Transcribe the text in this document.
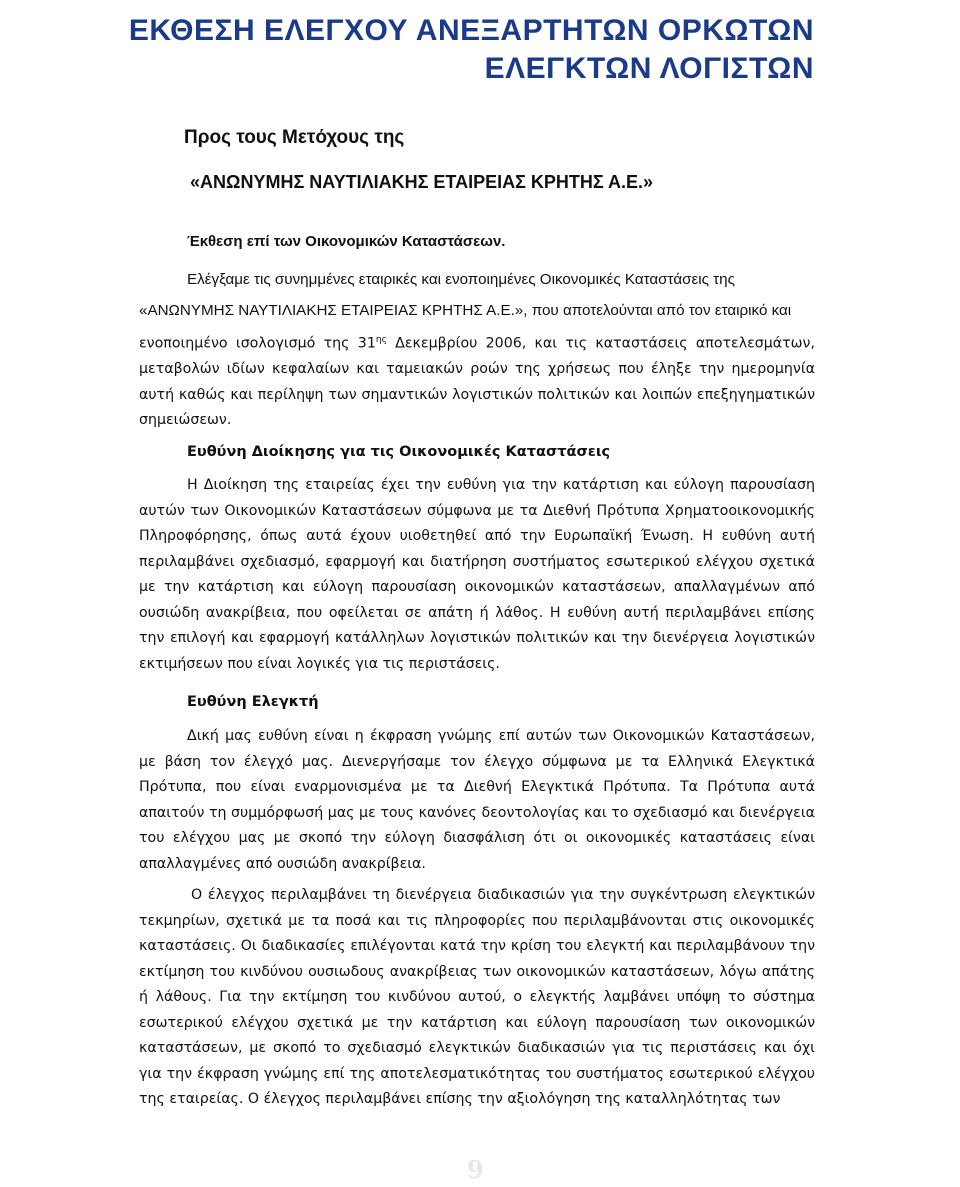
ΕΚΘΕΣΗ ΕΛΕΓΧΟΥ ΑΝΕΞΑΡΤΗΤΩΝ ΟΡΚΩΤΩΝ
ΕΛΕΓΚΤΩΝ ΛΟΓΙΣΤΩΝ

Προς τους Μετόχους της

«ΑΝΩΝΥΜΗΣ ΝΑΥΤΙΛΙΑΚΗΣ ΕΤΑΙΡΕΙΑΣ ΚΡΗΤΗΣ Α.Ε.»

Έκθεση επί των Οικονομικών Καταστάσεων.

Ελέγξαμε τις συνημμένες εταιρικές και ενοποιημένες Οικονομικές Καταστάσεις της
«ΑΝΩΝΥΜΗΣ ΝΑΥΤΙΛΙΑΚΗΣ ΕΤΑΙΡΕΙΑΣ ΚΡΗΤΗΣ Α.Ε.», που αποτελούνται από τον εταιρικό και
ενοποιημένο ισολογισμό της $31^{\eta\varsigma}$ Δεκεμβρίου 2006, και τις καταστάσεις αποτελεσμάτων, μεταβολών ιδίων κεφαλαίων και ταμειακών ροών της χρήσεως που έληξε την ημερομηνία αυτή καθώς και περίληψη των σημαντικών λογιστικών πολιτικών και λοιπών επεξηγηματικών σημειώσεων.

Ευθύνη Διοίκησης για τις Οικονομικές Καταστάσεις

Η Διοίκηση της εταιρείας έχει την ευθύνη για την κατάρτιση και εύλογη παρουσίαση αυτών των Οικονομικών Καταστάσεων σύμφωνα με τα Διεθνή Πρότυπα Χρηματοοικονομικής Πληροφόρησης, όπως αυτά έχουν υιοθετηθεί από την Ευρωπαϊκή Ένωση. Η ευθύνη αυτή περιλαμβάνει σχεδιασμό, εφαρμογή και διατήρηση συστήματος εσωτερικού ελέγχου σχετικά με την κατάρτιση και εύλογη παρουσίαση οικονομικών καταστάσεων, απαλλαγμένων από ουσιώδη ανακρίβεια, που οφείλεται σε απάτη ή λάθος. Η ευθύνη αυτή περιλαμβάνει επίσης την επιλογή και εφαρμογή κατάλληλων λογιστικών πολιτικών και την διενέργεια λογιστικών εκτιμήσεων που είναι λογικές για τις περιστάσεις.

Ευθύνη Ελεγκτή

Δική μας ευθύνη είναι η έκφραση γνώμης επί αυτών των Οικονομικών Καταστάσεων, με βάση τον έλεγχό μας. Διενεργήσαμε τον έλεγχο σύμφωνα με τα Ελληνικά Ελεγκτικά Πρότυπα, που είναι εναρμονισμένα με τα Διεθνή Ελεγκτικά Πρότυπα. Τα Πρότυπα αυτά απαιτούν τη συμμόρφωσή μας με τους κανόνες δεοντολογίας και το σχεδιασμό και διενέργεια του ελέγχου μας με σκοπό την εύλογη διασφάλιση ότι οι οικονομικές καταστάσεις είναι απαλλαγμένες από ουσιώδη ανακρίβεια.
Ο έλεγχος περιλαμβάνει τη διενέργεια διαδικασιών για την συγκέντρωση ελεγκτικών τεκμηρίων, σχετικά με τα ποσά και τις πληροφορίες που περιλαμβάνονται στις οικονομικές καταστάσεις. Οι διαδικασίες επιλέγονται κατά την κρίση του ελεγκτή και περιλαμβάνουν την εκτίμηση του κινδύνου ουσιωδους ανακρίβειας των οικονομικών καταστάσεων, λόγω απάτης ή λάθους. Για την εκτίμηση του κινδύνου αυτού, ο ελεγκτής λαμβάνει υπόψη το σύστημα εσωτερικού ελέγχου σχετικά με την κατάρτιση και εύλογη παρουσίαση των οικονομικών καταστάσεων, με σκοπό το σχεδιασμό ελεγκτικών διαδικασιών για τις περιστάσεις και όχι για την έκφραση γνώμης επί της αποτελεσματικότητας του συστήματος εσωτερικού ελέγχου της εταιρείας. Ο έλεγχος περιλαμβάνει επίσης την αξιολόγηση της καταλληλότητας των
9
